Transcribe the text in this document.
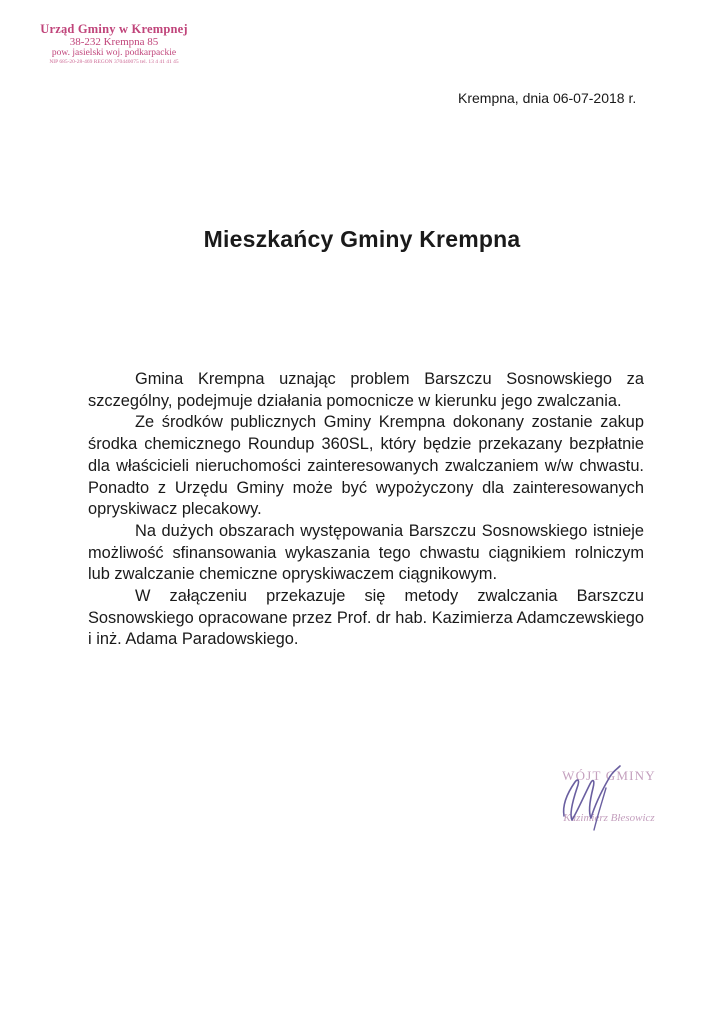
Urząd Gminy w Krempnej
38-232 Krempna 85
pow. jasielski woj. podkarpackie
NIP 685-20-28-469 REGON 370440075 tel. 13 4 41 41 45
Krempna, dnia 06-07-2018 r.
Mieszkańcy Gminy Krempna

Gmina Krempna uznając problem Barszczu Sosnowskiego za szczególny, podejmuje działania pomocnicze w kierunku jego zwalczania.

Ze środków publicznych Gminy Krempna dokonany zostanie zakup środka chemicznego Roundup 360SL, który będzie przekazany bezpłatnie dla właścicieli nieruchomości zainteresowanych zwalczaniem w/w chwastu. Ponadto z Urzędu Gminy może być wypożyczony dla zainteresowanych opryskiwacz plecakowy.

Na dużych obszarach występowania Barszczu Sosnowskiego istnieje możliwość sfinansowania wykaszania tego chwastu ciągnikiem rolniczym lub zwalczanie chemiczne opryskiwaczem ciągnikowym.

W załączeniu przekazuje się metody zwalczania Barszczu Sosnowskiego opracowane przez Prof. dr hab. Kazimierza Adamczewskiego i inż. Adama Paradowskiego.

WÓJT GMINY
Kazimierz Błesowicz
